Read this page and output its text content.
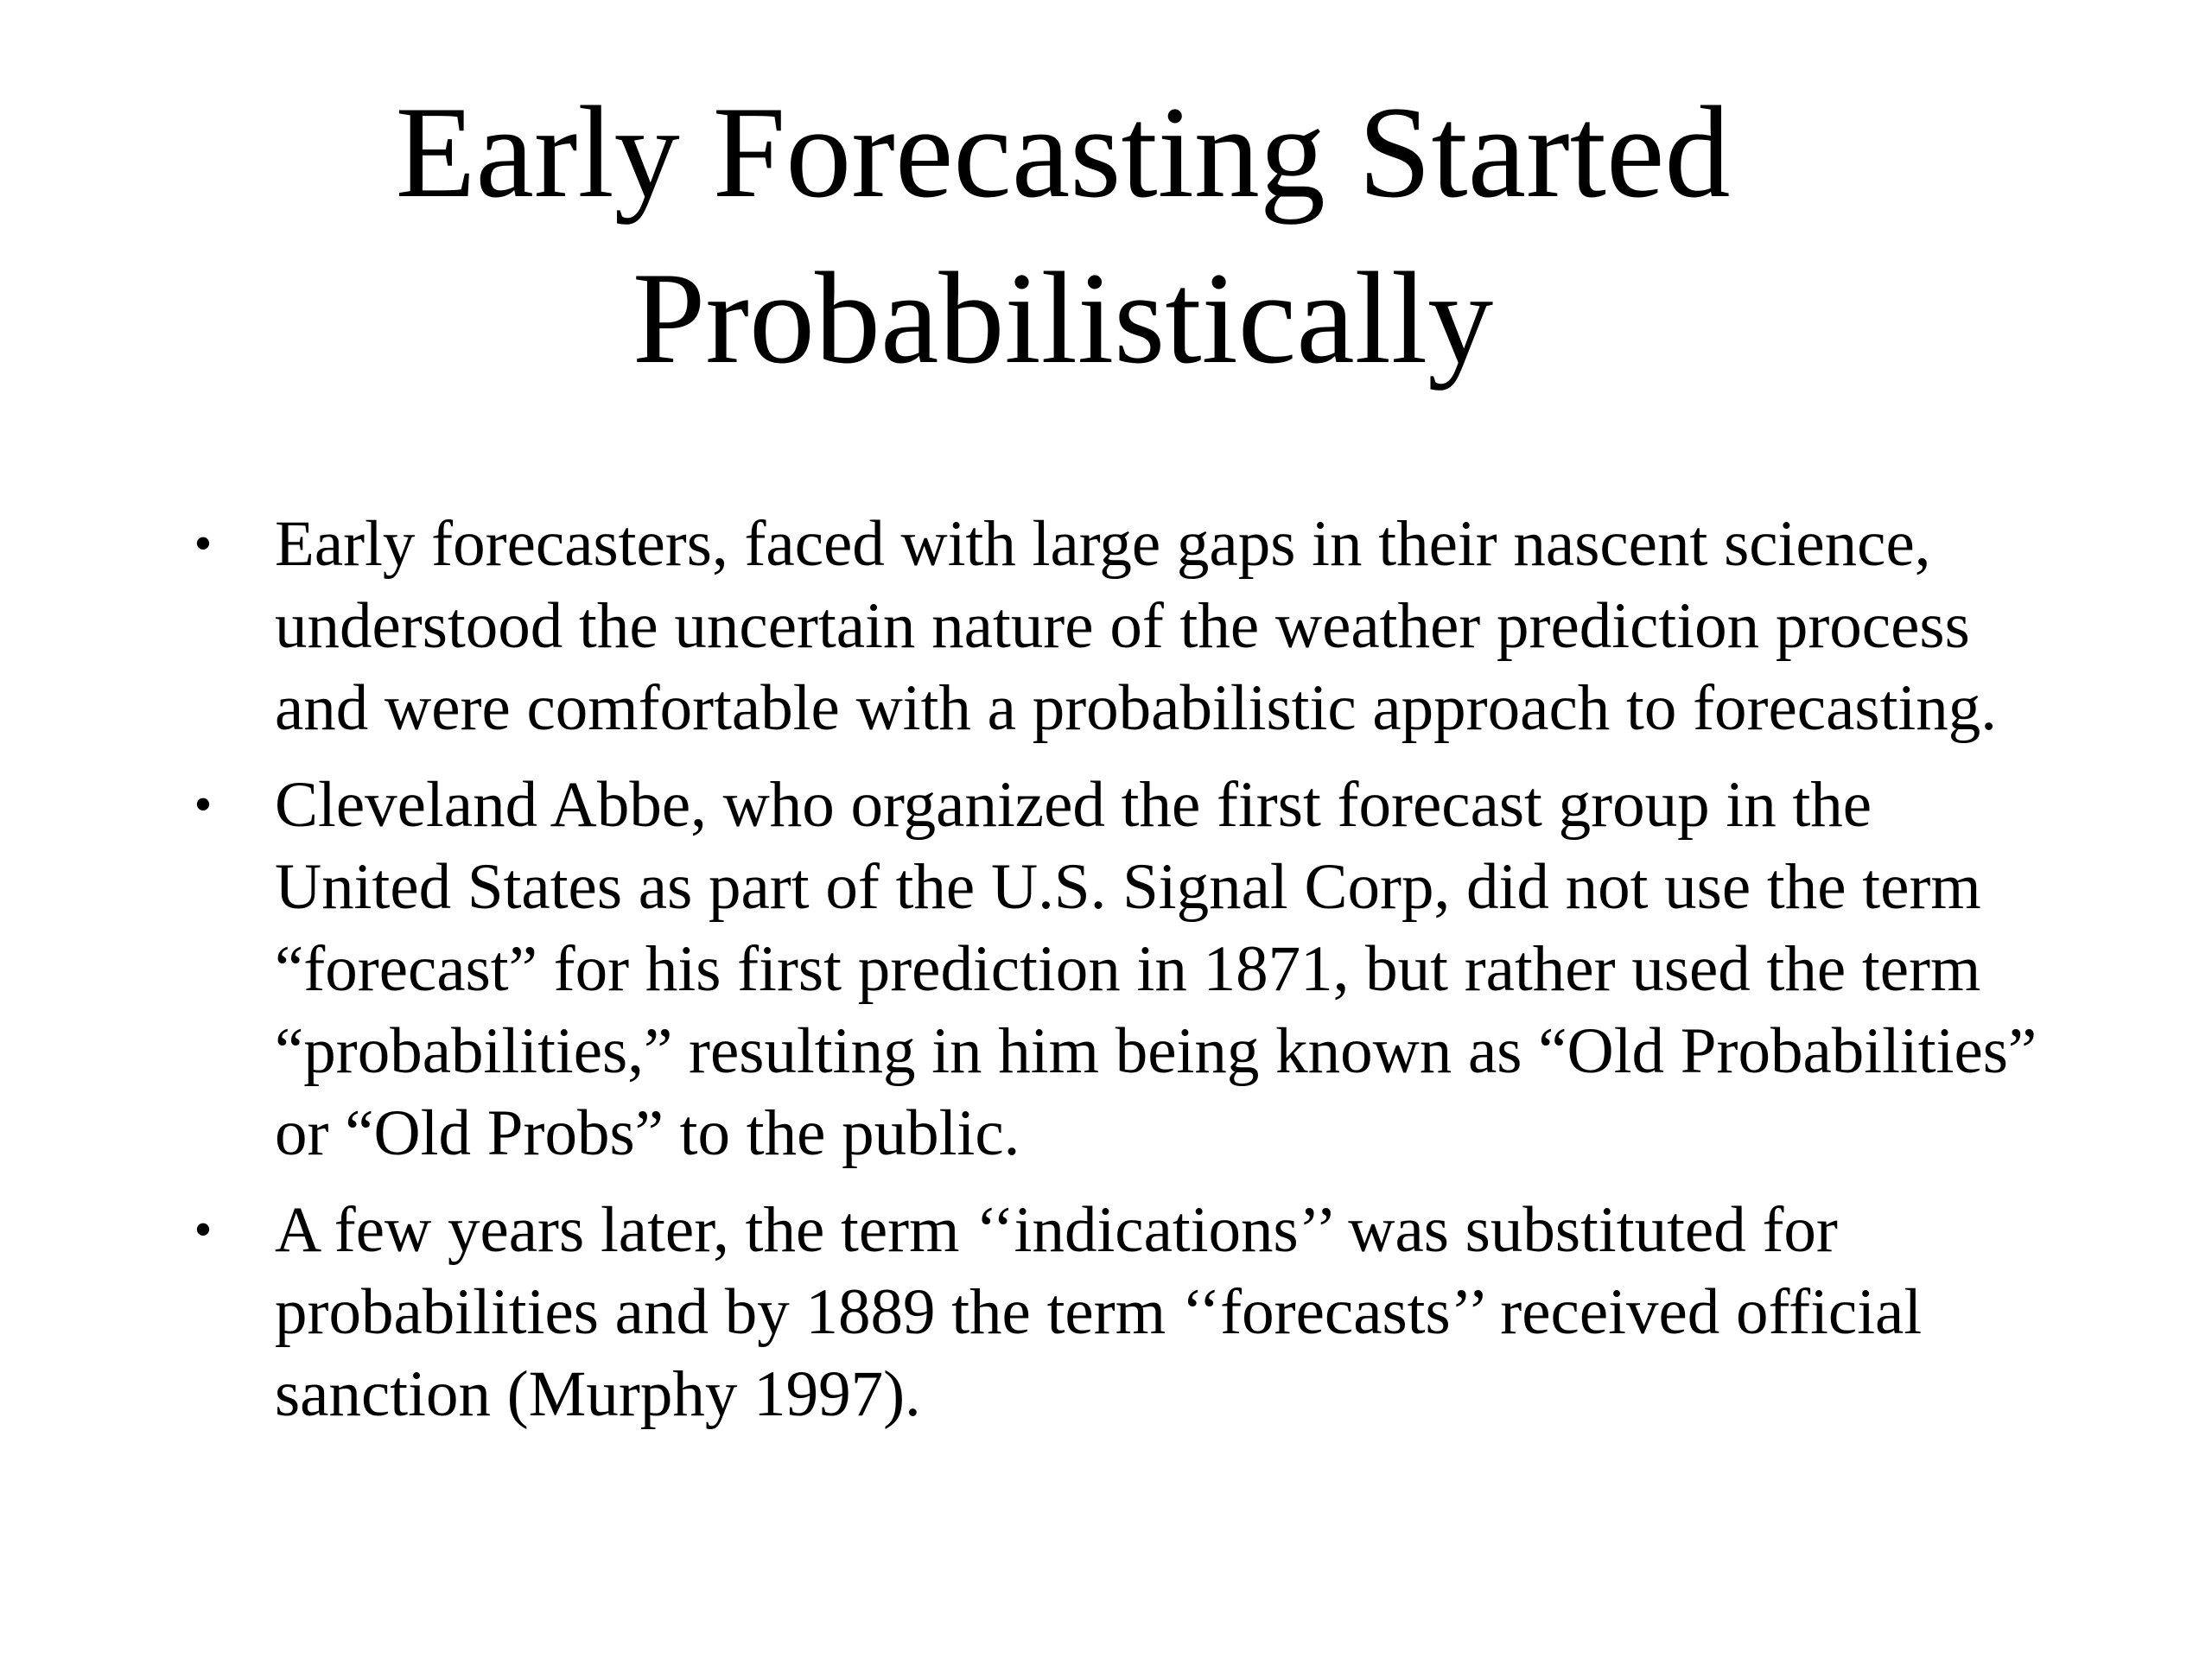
Early Forecasting Started
Probabilistically
• Early forecasters, faced with large gaps in their nascent science, understood the uncertain nature of the weather prediction process and were comfortable with a probabilistic approach to forecasting.
• Cleveland Abbe, who organized the first forecast group in the United States as part of the U.S. Signal Corp, did not use the term “forecast” for his first prediction in 1871, but rather used the term “probabilities,” resulting in him being known as “Old Probabilities” or “Old Probs” to the public.
• A few years later, the term ‘‘indications’’ was substituted for probabilities and by 1889 the term ‘‘forecasts’’ received official sanction (Murphy 1997).
